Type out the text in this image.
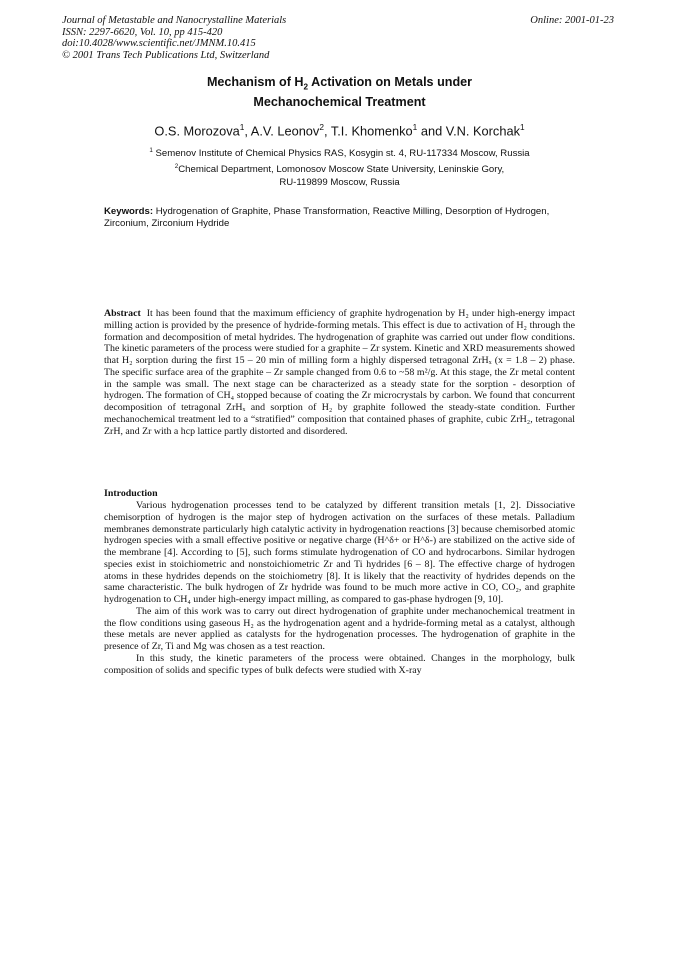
Journal of Metastable and Nanocrystalline Materials
ISSN: 2297-6620, Vol. 10, pp 415-420
doi:10.4028/www.scientific.net/JMNM.10.415
© 2001 Trans Tech Publications Ltd, Switzerland
Online: 2001-01-23
Mechanism of $H_2$ Activation on Metals under
Mechanochemical Treatment
O.S. Morozova$^1$, A.V. Leonov$^2$, T.I. Khomenko$^1$ and V.N. Korchak$^1$
$^1$ Semenov Institute of Chemical Physics RAS, Kosygin st. 4, RU-117334 Moscow, Russia
$^2$Chemical Department, Lomonosov Moscow State University, Leninskie Gory,
RU-119899 Moscow, Russia
Keywords: Hydrogenation of Graphite, Phase Transformation, Reactive Milling, Desorption of Hydrogen, Zirconium, Zirconium Hydride
Abstract It has been found that the maximum efficiency of graphite hydrogenation by H₂ under high-energy impact milling action is provided by the presence of hydride-forming metals. This effect is due to activation of H₂ through the formation and decomposition of metal hydrides. The hydrogenation of graphite was carried out under flow conditions. The kinetic parameters of the process were studied for a graphite – Zr system. Kinetic and XRD measurements showed that H₂ sorption during the first 15 – 20 min of milling form a highly dispersed tetragonal ZrHₓ (x = 1.8 – 2) phase. The specific surface area of the graphite – Zr sample changed from 0.6 to ~58 m²/g. At this stage, the Zr metal content in the sample was small. The next stage can be characterized as a steady state for the sorption - desorption of hydrogen. The formation of CH₄ stopped because of coating the Zr microcrystals by carbon. We found that concurrent decomposition of tetragonal ZrHₓ and sorption of H₂ by graphite followed the steady-state condition. Further mechanochemical treatment led to a “stratified” composition that contained phases of graphite, cubic ZrH₂, tetragonal ZrH, and Zr with a hcp lattice partly distorted and disordered.
Introduction

Various hydrogenation processes tend to be catalyzed by different transition metals [1, 2]. Dissociative chemisorption of hydrogen is the major step of hydrogen activation on the surfaces of these metals. Palladium membranes demonstrate particularly high catalytic activity in hydrogenation reactions [3] because chemisorbed atomic hydrogen species with a small effective positive or negative charge (H^δ+ or H^δ-) are stabilized on the active side of the membrane [4]. According to [5], such forms stimulate hydrogenation of CO and hydrocarbons. Similar hydrogen species exist in stoichiometric and nonstoichiometric Zr and Ti hydrides [6 – 8]. The effective charge of hydrogen atoms in these hydrides depends on the stoichiometry [8]. It is likely that the reactivity of hydrides depends on the same characteristic. The bulk hydrogen of Zr hydride was found to be much more active in CO, CO₂, and graphite hydrogenation to CH₄ under high-energy impact milling, as compared to gas-phase hydrogen [9, 10].

The aim of this work was to carry out direct hydrogenation of graphite under mechanochemical treatment in the flow conditions using gaseous H₂ as the hydrogenation agent and a hydride-forming metal as a catalyst, although these metals are never applied as catalysts for the hydrogenation processes. The hydrogenation of graphite in the presence of Zr, Ti and Mg was chosen as a test reaction.

In this study, the kinetic parameters of the process were obtained. Changes in the morphology, bulk composition of solids and specific types of bulk defects were studied with X-ray
